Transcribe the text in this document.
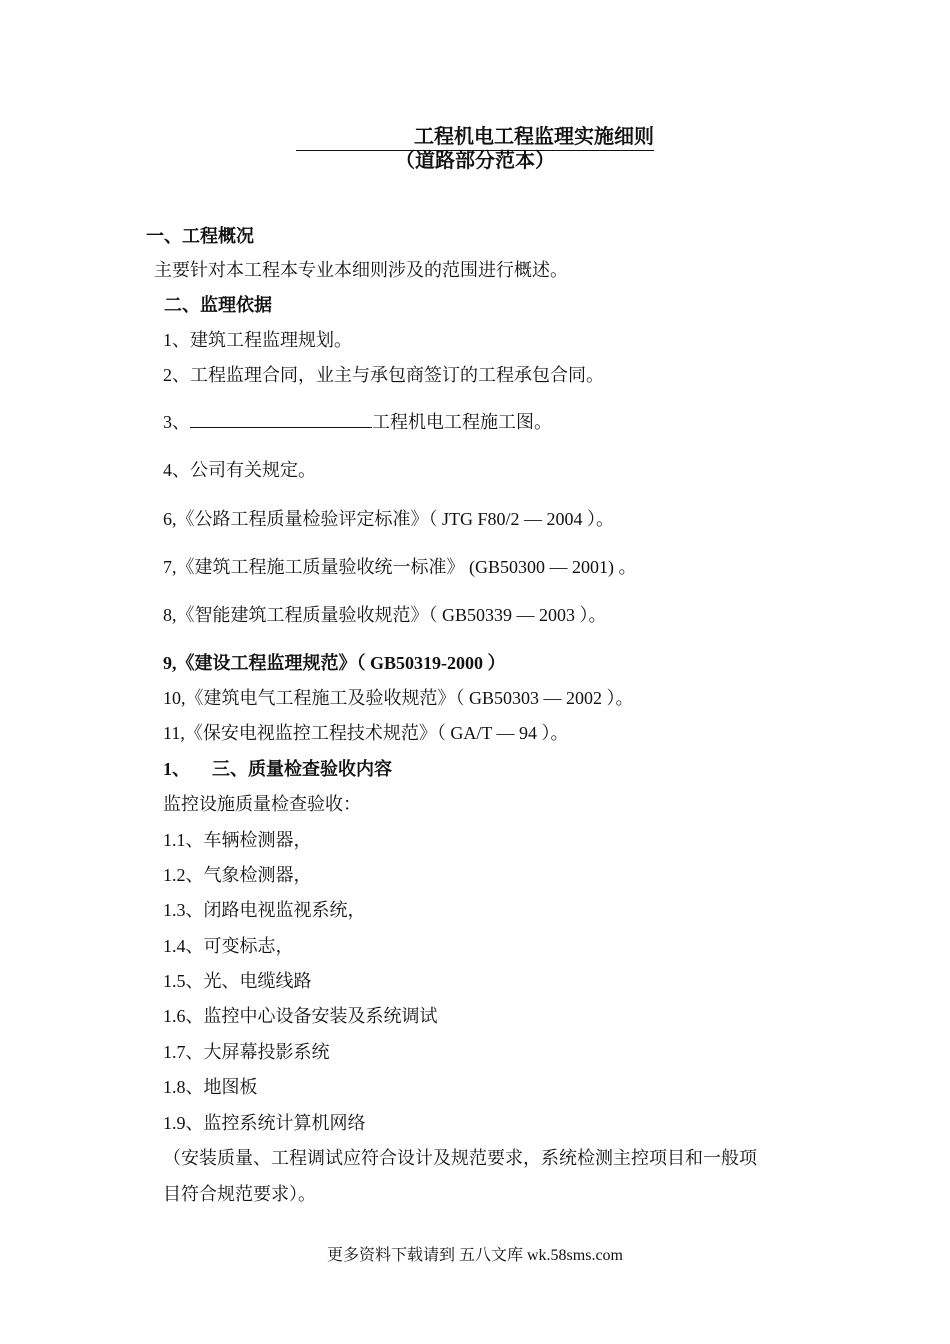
工程机电工程监理实施细则
（道路部分范本）
一、工程概况
主要针对本工程本专业本细则涉及的范围进行概述。
二、监理依据
1、建筑工程监理规划。
2、工程监理合同，业主与承包商签订的工程承包合同。
3、	工程机电工程施工图。
4、公司有关规定。
6,《公路工程质量检验评定标准》（ JTG F80/2 — 2004 ）。
7,《建筑工程施工质量验收统一标准》 (GB50300 — 2001) 。
8,《智能建筑工程质量验收规范》（ GB50339 — 2003 ）。
9,《建设工程监理规范》（ GB50319-2000 ）
10,《建筑电气工程施工及验收规范》（ GB50303 — 2002 ）。
11,《保安电视监控工程技术规范》（ GA/T — 94 ）。
1、 三、质量检查验收内容
监控设施质量检查验收：
1.1、车辆检测器，
1.2、气象检测器，
1.3、闭路电视监视系统，
1.4、可变标志，
1.5、光、电缆线路
1.6、监控中心设备安装及系统调试
1.7、大屏幕投影系统
1.8、地图板
1.9、监控系统计算机网络
（安装质量、工程调试应符合设计及规范要求，系统检测主控项目和一般项
目符合规范要求）。
更多资料下载请到 五八文库 wk.58sms.com
